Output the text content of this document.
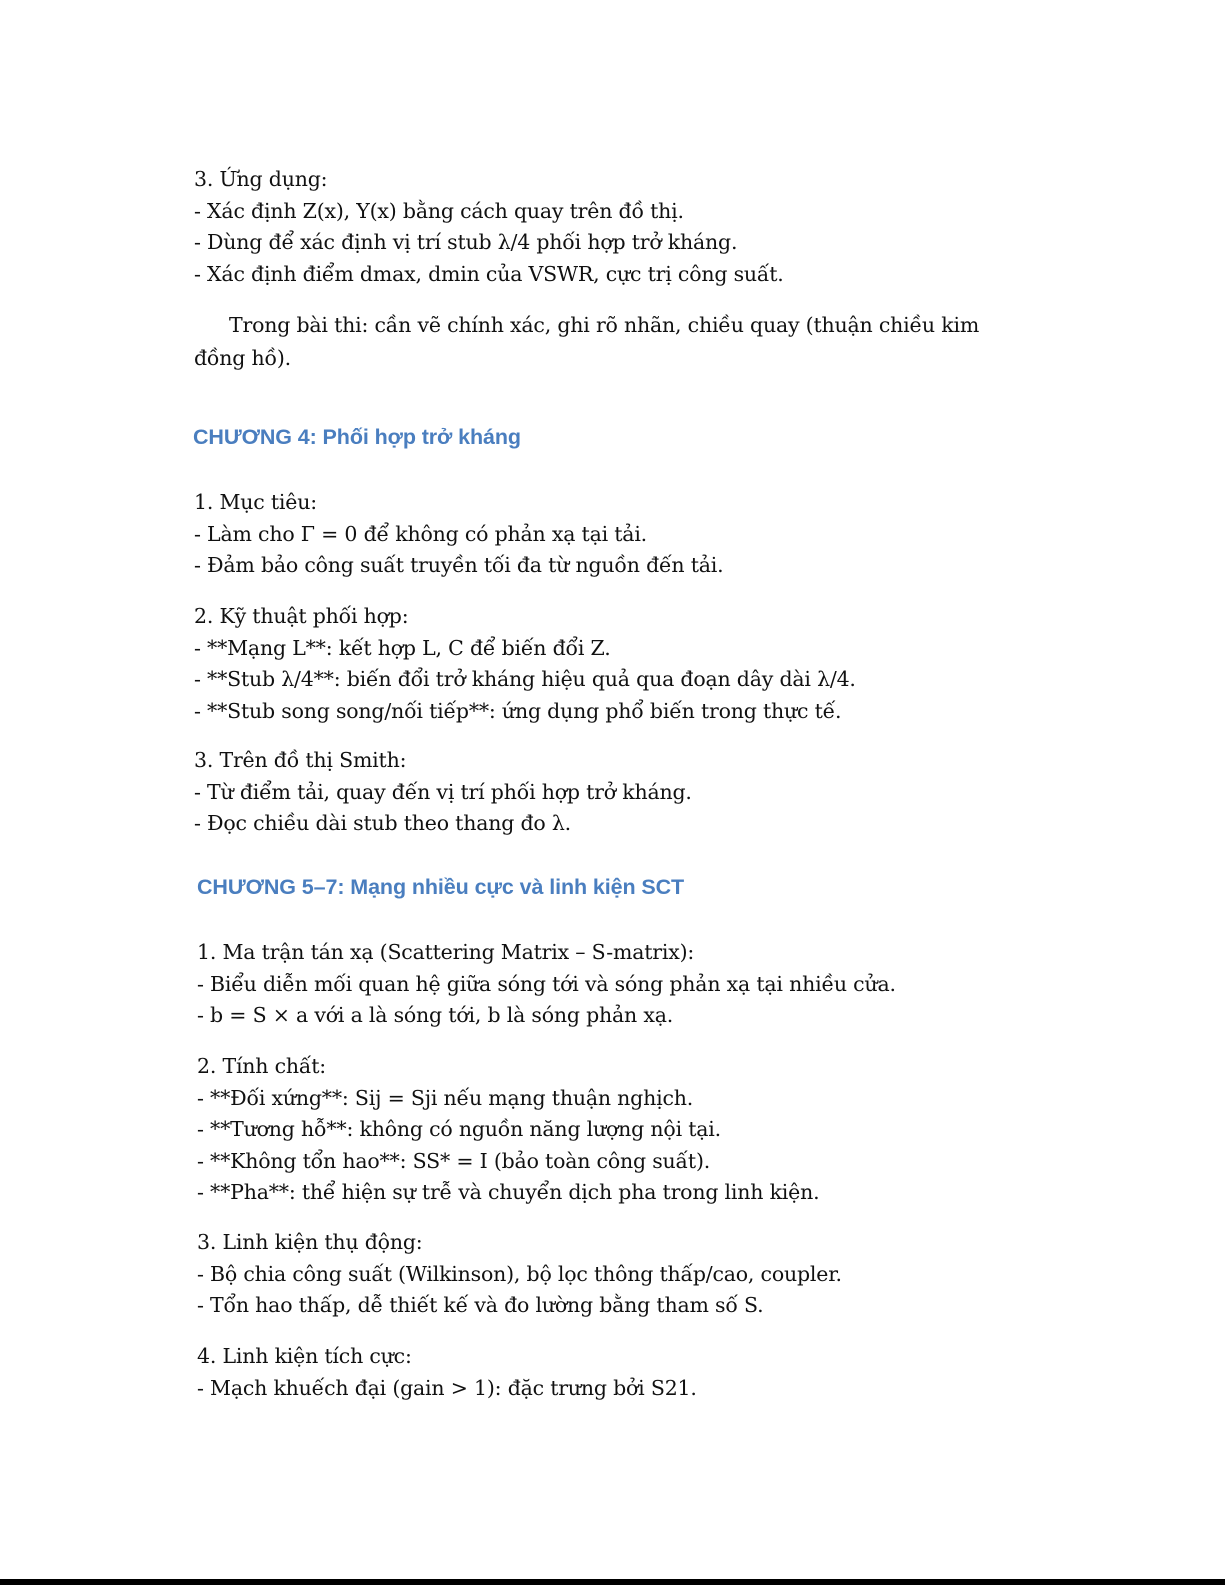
3. Ứng dụng:
- Xác định Z(x), Y(x) bằng cách quay trên đồ thị.
- Dùng để xác định vị trí stub λ/4 phối hợp trở kháng.
- Xác định điểm dmax, dmin của VSWR, cực trị công suất.
Trong bài thi: cần vẽ chính xác, ghi rõ nhãn, chiều quay (thuận chiều kim đồng hồ).
CHƯƠNG 4: Phối hợp trở kháng
1. Mục tiêu:
- Làm cho Γ = 0 để không có phản xạ tại tải.
- Đảm bảo công suất truyền tối đa từ nguồn đến tải.
2. Kỹ thuật phối hợp:
- **Mạng L**: kết hợp L, C để biến đổi Z.
- **Stub λ/4**: biến đổi trở kháng hiệu quả qua đoạn dây dài λ/4.
- **Stub song song/nối tiếp**: ứng dụng phổ biến trong thực tế.
3. Trên đồ thị Smith:
- Từ điểm tải, quay đến vị trí phối hợp trở kháng.
- Đọc chiều dài stub theo thang đo λ.
CHƯƠNG 5–7: Mạng nhiều cực và linh kiện SCT
1. Ma trận tán xạ (Scattering Matrix – S-matrix):
- Biểu diễn mối quan hệ giữa sóng tới và sóng phản xạ tại nhiều cửa.
- b = S × a với a là sóng tới, b là sóng phản xạ.
2. Tính chất:
- **Đối xứng**: Sij = Sji nếu mạng thuận nghịch.
- **Tương hỗ**: không có nguồn năng lượng nội tại.
- **Không tổn hao**: SS* = I (bảo toàn công suất).
- **Pha**: thể hiện sự trễ và chuyển dịch pha trong linh kiện.
3. Linh kiện thụ động:
- Bộ chia công suất (Wilkinson), bộ lọc thông thấp/cao, coupler.
- Tổn hao thấp, dễ thiết kế và đo lường bằng tham số S.
4. Linh kiện tích cực:
- Mạch khuếch đại (gain > 1): đặc trưng bởi S21.
